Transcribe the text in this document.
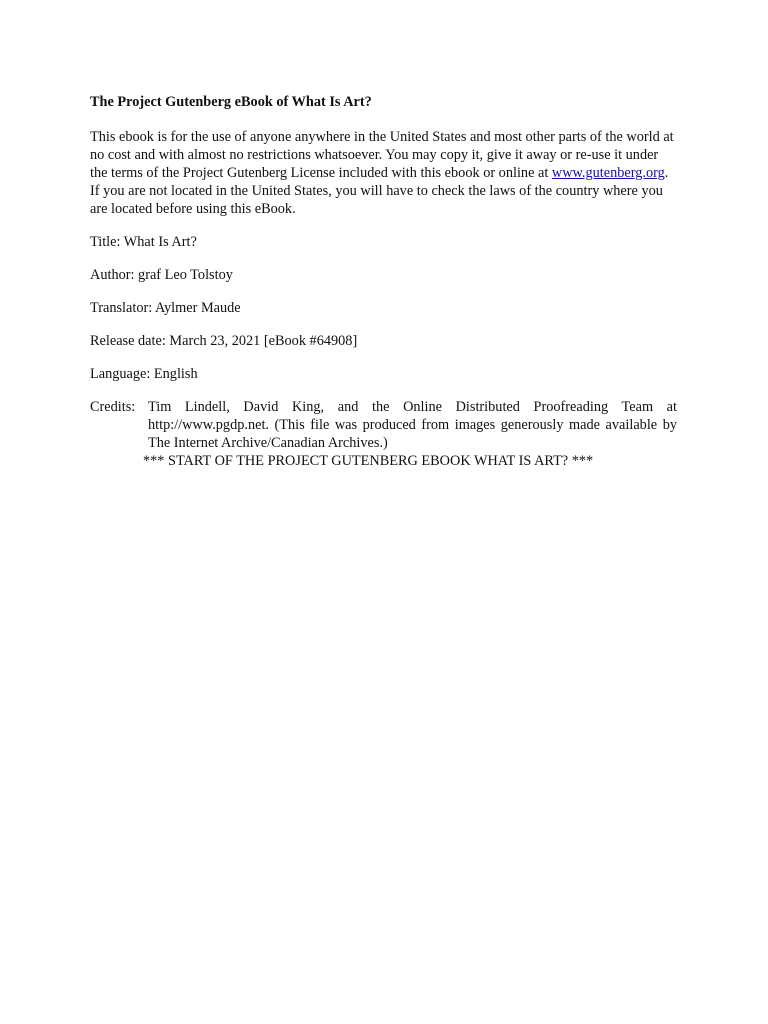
The Project Gutenberg eBook of What Is Art?

This ebook is for the use of anyone anywhere in the United States and most other parts of the world at no cost and with almost no restrictions whatsoever. You may copy it, give it away or re-use it under the terms of the Project Gutenberg License included with this ebook or online at www.gutenberg.org. If you are not located in the United States, you will have to check the laws of the country where you are located before using this eBook.

Title: What Is Art?

Author: graf Leo Tolstoy

Translator: Aylmer Maude

Release date: March 23, 2021 [eBook #64908]

Language: English

Credits: Tim Lindell, David King, and the Online Distributed Proofreading Team at http://www.pgdp.net. (This file was produced from images generously made available by The Internet Archive/Canadian Archives.)

*** START OF THE PROJECT GUTENBERG EBOOK WHAT IS ART? ***
